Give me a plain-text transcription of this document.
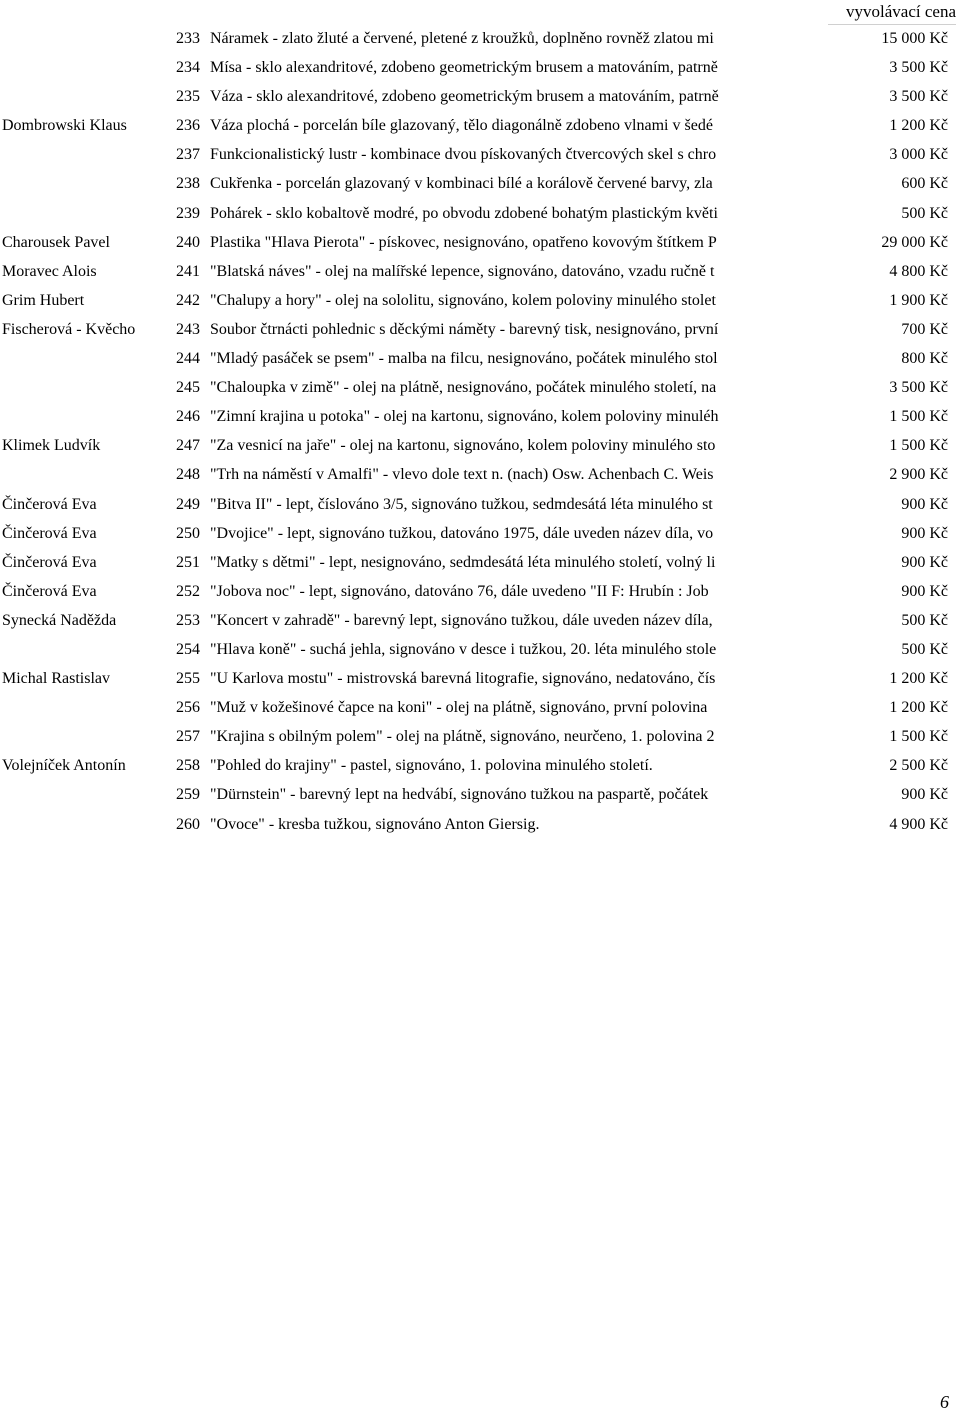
vyvolávací cena
233 Náramek - zlato žluté a červené, pletené z kroužků, doplněno rovněž zlatou mi	15 000 Kč
234 Mísa - sklo alexandritové, zdobeno geometrickým brusem a matováním, patrně	3 500 Kč
235 Váza - sklo alexandritové, zdobeno geometrickým brusem a matováním, patrně	3 500 Kč
Dombrowski Klaus	236 Váza plochá - porcelán bíle glazovaný, tělo diagonálně zdobeno vlnami v šedé	1 200 Kč
237 Funkcionalistický lustr - kombinace dvou pískovaných čtvercových skel s chro	3 000 Kč
238 Cukřenka - porcelán glazovaný v kombinaci bílé a korálově červené barvy, zla	600 Kč
239 Pohárek - sklo kobaltově modré, po obvodu zdobené bohatým plastickým květi	500 Kč
Charousek Pavel	240 Plastika "Hlava Pierota" - pískovec, nesignováno, opatřeno kovovým štítkem P	29 000 Kč
Moravec Alois	241 "Blatská náves" - olej na malířské lepence, signováno, datováno, vzadu ručně t	4 800 Kč
Grim Hubert	242 "Chalupy a hory" - olej na sololitu, signováno, kolem poloviny minulého stolet	1 900 Kč
Fischerová - Kvěcho	243 Soubor čtrnácti pohlednic s děckými náměty - barevný tisk, nesignováno, první	700 Kč
244 "Mladý pasáček se psem" - malba na filcu, nesignováno, počátek minulého stol	800 Kč
245 "Chaloupka v zimě" - olej na plátně, nesignováno, počátek minulého století, na	3 500 Kč
246 "Zimní krajina u potoka" - olej na kartonu, signováno, kolem poloviny minuléh	1 500 Kč
Klimek Ludvík	247 "Za vesnicí na jaře" - olej na kartonu, signováno, kolem poloviny minulého sto	1 500 Kč
248 "Trh na náměstí v Amalfi" - vlevo dole text n. (nach) Osw. Achenbach C. Weis	2 900 Kč
Činčerová Eva	249 "Bitva II" - lept, číslováno 3/5, signováno tužkou, sedmdesátá léta minulého st	900 Kč
Činčerová Eva	250 "Dvojice" - lept, signováno tužkou, datováno 1975, dále uveden název díla, vo	900 Kč
Činčerová Eva	251 "Matky s dětmi" - lept, nesignováno, sedmdesátá léta minulého století, volný li	900 Kč
Činčerová Eva	252 "Jobova noc" - lept, signováno, datováno 76, dále uvedeno "II F: Hrubín : Job	900 Kč
Synecká Naděžda	253 "Koncert v zahradě" - barevný lept, signováno tužkou, dále uveden název díla,	500 Kč
254 "Hlava koně" - suchá jehla, signováno v desce i tužkou, 20. léta minulého stole	500 Kč
Michal Rastislav	255 "U Karlova mostu" - mistrovská barevná litografie, signováno, nedatováno, čís	1 200 Kč
256 "Muž v kožešinové čapce na koni" - olej na plátně, signováno, první polovina	1 200 Kč
257 "Krajina s obilným polem" - olej na plátně, signováno, neurčeno, 1. polovina 2	1 500 Kč
Volejníček Antonín	258 "Pohled do krajiny" - pastel, signováno, 1. polovina minulého století.	2 500 Kč
259 "Dürnstein" - barevný lept na hedvábí, signováno tužkou na paspartě, počátek	900 Kč
260 "Ovoce" - kresba tužkou, signováno Anton Giersig.	4 900 Kč
6
